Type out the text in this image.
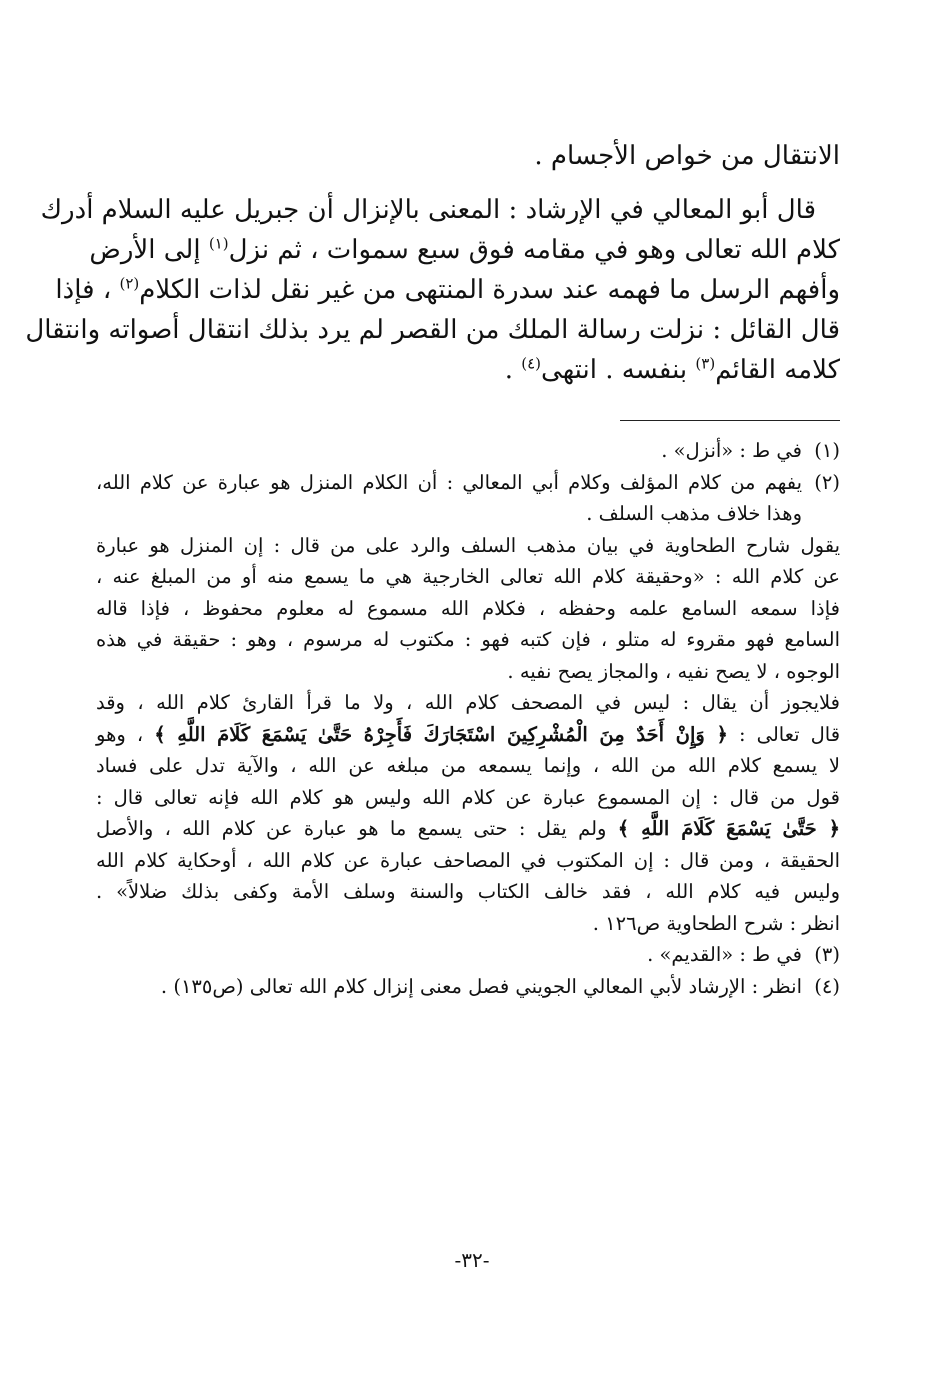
الانتقال من خواص الأجسام .
قال أبو المعالي في الإرشاد : المعنى بالإنزال أن جبريل عليه السلام أدرك
كلام الله تعالى وهو في مقامه فوق سبع سموات ، ثم نزل$^{(١)}$ إلى الأرض
وأفهم الرسل ما فهمه عند سدرة المنتهى من غير نقل لذات الكلام$^{(٢)}$ ، فإذا
قال القائل : نزلت رسالة الملك من القصر لم يرد بذلك انتقال أصواته وانتقال
كلامه القائم$^{(٣)}$ بنفسه . انتهى$^{(٤)}$ .
(١)
في ط : «أنزل» .
(٢)
يفهم من كلام المؤلف وكلام أبي المعالي : أن الكلام المنزل هو عبارة عن كلام الله،
وهذا خلاف مذهب السلف .
يقول شارح الطحاوية في بيان مذهب السلف والرد على من قال : إن المنزل هو عبارة
عن كلام الله : «وحقيقة كلام الله تعالى الخارجية هي ما يسمع منه أو من المبلغ عنه ،
فإذا سمعه السامع علمه وحفظه ، فكلام الله مسموع له معلوم محفوظ ، فإذا قاله
السامع فهو مقروء له متلو ، فإن كتبه فهو : مكتوب له مرسوم ، وهو : حقيقة في هذه
الوجوه ، لا يصح نفيه ، والمجاز يصح نفيه .
فلايجوز أن يقال : ليس في المصحف كلام الله ، ولا ما قرأ القارئ كلام الله ، وقد
قال تعالى : ﴿ وَإِنْ أَحَدٌ مِنَ الْمُشْرِكِينَ اسْتَجَارَكَ فَأَجِرْهُ حَتَّىٰ يَسْمَعَ كَلَامَ اللَّهِ ﴾ ، وهو
لا يسمع كلام الله من الله ، وإنما يسمعه من مبلغه عن الله ، والآية تدل على فساد
قول من قال : إن المسموع عبارة عن كلام الله وليس هو كلام الله فإنه تعالى قال :
﴿ حَتَّىٰ يَسْمَعَ كَلَامَ اللَّهِ ﴾ ولم يقل : حتى يسمع ما هو عبارة عن كلام الله ، والأصل
الحقيقة ، ومن قال : إن المكتوب في المصاحف عبارة عن كلام الله ، أوحكاية كلام الله
وليس فيه كلام الله ، فقد خالف الكتاب والسنة وسلف الأمة وكفى بذلك ضلالاً» .
انظر : شرح الطحاوية ص١٢٦ .
(٣)
في ط : «القديم» .
(٤)
انظر : الإرشاد لأبي المعالي الجويني فصل معنى إنزال كلام الله تعالى (ص١٣٥) .
-٣٢-
